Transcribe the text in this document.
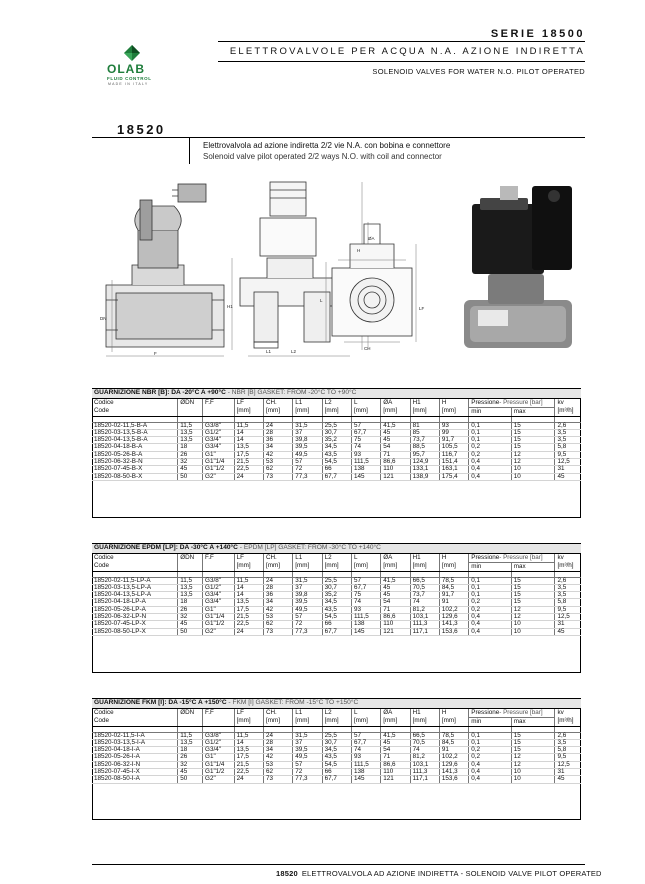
SERIE 18500
ELETTROVALVOLE PER ACQUA N.A. AZIONE INDIRETTA
SOLENOID VALVES FOR WATER N.O. PILOT OPERATED
OLAB
FLUID CONTROL
MADE IN ITALY
18520
Elettrovalvola ad azione indiretta 2/2 vie N.A. con bobina e connettore
Solenoid valve pilot operated 2/2 ways N.O. with coil and connector
DN
F
H1
H
L2
L1
ØA
CH
L
LF
GUARNIZIONE NBR [B]: DA -20°C A +90°C - NBR [B] GASKET: FROM -20°C TO +90°C													
Codice	ØDN	F.F	LF	CH.	L1	L2	L	ØA	H1	H	Pressione- Pressure [bar]		kv
Code			[mm]	[mm]	[mm]	[mm]	[mm]	[mm]	[mm]	[mm]	min	max	[m³/h]

18520-02-11,5-B-A	11,5	G3/8"	11,5	24	31,5	25,5	57	41,5	81	93	0,1	15	2,6
18520-03-13,5-B-A	13,5	G1/2"	14	28	37	30,7	67,7	45	85	99	0,1	15	3,5
18520-04-13,5-B-A	13,5	G3/4"	14	36	39,8	35,2	75	45	73,7	91,7	0,1	15	3,5
18520-04-18-B-A	18	G3/4"	13,5	34	39,5	34,5	74	54	88,5	105,5	0,2	15	5,8
18520-05-26-B-A	26	G1"	17,5	42	49,5	43,5	93	71	95,7	116,7	0,2	12	9,5
18520-06-32-B-N	32	G1"1/4	21,5	53	57	54,5	111,5	86,6	124,9	151,4	0,4	12	12,5
18520-07-45-B-X	45	G1"1/2	22,5	62	72	66	138	110	133,1	163,1	0,4	10	31
18520-08-50-B-X	50	G2"	24	73	77,3	67,7	145	121	138,9	175,4	0,4	10	45
GUARNIZIONE EPDM [LP]: DA -30°C A +140°C - EPDM [LP] GASKET: FROM -30°C TO +140°C													
Codice	ØDN	F.F	LF	CH.	L1	L2	L	ØA	H1	H	Pressione- Pressure [bar]		kv
Code			[mm]	[mm]	[mm]	[mm]	[mm]	[mm]	[mm]	[mm]	min	max	[m³/h]

18520-02-11,5-LP-A	11,5	G3/8"	11,5	24	31,5	25,5	57	41,5	66,5	78,5	0,1	15	2,6
18520-03-13,5-LP-A	13,5	G1/2"	14	28	37	30,7	67,7	45	70,5	84,5	0,1	15	3,5
18520-04-13,5-LP-A	13,5	G3/4"	14	36	39,8	35,2	75	45	73,7	91,7	0,1	15	3,5
18520-04-18-LP-A	18	G3/4"	13,5	34	39,5	34,5	74	54	74	91	0,2	15	5,8
18520-05-26-LP-A	26	G1"	17,5	42	49,5	43,5	93	71	81,2	102,2	0,2	12	9,5
18520-06-32-LP-N	32	G1"1/4	21,5	53	57	54,5	111,5	86,6	103,1	129,6	0,4	12	12,5
18520-07-45-LP-X	45	G1"1/2	22,5	62	72	66	138	110	111,3	141,3	0,4	10	31
18520-08-50-LP-X	50	G2"	24	73	77,3	67,7	145	121	117,1	153,6	0,4	10	45
GUARNIZIONE FKM [I]: DA -15°C A +150°C - FKM [I] GASKET: FROM -15°C TO +150°C													
Codice	ØDN	F.F	LF	CH.	L1	L2	L	ØA	H1	H	Pressione- Pressure [bar]		kv
Code			[mm]	[mm]	[mm]	[mm]	[mm]	[mm]	[mm]	[mm]	min	max	[m³/h]

18520-02-11,5-I-A	11,5	G3/8"	11,5	24	31,5	25,5	57	41,5	66,5	78,5	0,1	15	2,6
18520-03-13,5-I-A	13,5	G1/2"	14	28	37	30,7	67,7	45	70,5	84,5	0,1	15	3,5
18520-04-18-I-A	18	G3/4"	13,5	34	39,5	34,5	74	54	74	91	0,2	15	5,8
18520-05-26-I-A	26	G1"	17,5	42	49,5	43,5	93	71	81,2	102,2	0,2	12	9,5
18520-06-32-I-N	32	G1"1/4	21,5	53	57	54,5	111,5	86,6	103,1	129,6	0,4	12	12,5
18520-07-45-I-X	45	G1"1/2	22,5	62	72	66	138	110	111,3	141,3	0,4	10	31
18520-08-50-I-A	50	G2"	24	73	77,3	67,7	145	121	117,1	153,6	0,4	10	45
18520 ELETTROVALVOLA AD AZIONE INDIRETTA - SOLENOID VALVE PILOT OPERATED
